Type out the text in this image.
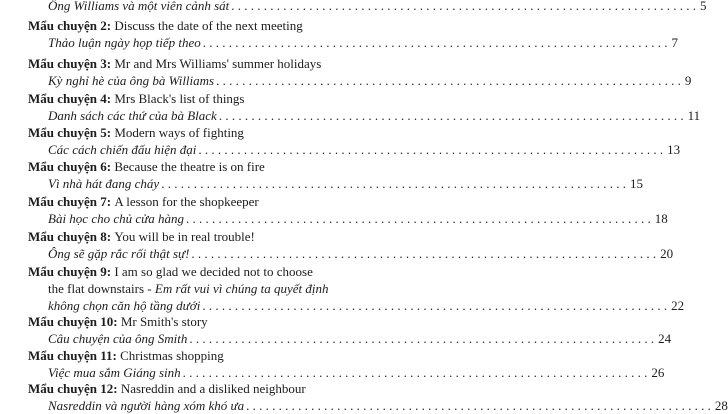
Ông Williams và một viên cảnh sát . . .	5
Mẩu chuyện 2:
Discuss the date of the next meeting
Thảo luận ngày họp tiếp theo . . .	7
Mẩu chuyện 3:
Mr and Mrs Williams' summer holidays
Kỳ nghỉ hè của ông bà Williams . . .	9
Mẩu chuyện 4:
Mrs Black's list of things
Danh sách các thứ của bà Black . . .	11
Mẩu chuyện 5:
Modern ways of fighting
Các cách chiến đấu hiện đại . . .	13
Mẩu chuyện 6:
Because the theatre is on fire
Vì nhà hát đang cháy . . .	15
Mẩu chuyện 7:
A lesson for the shopkeeper
Bài học cho chủ cửa hàng . . .	18
Mẩu chuyện 8:
You will be in real trouble!
Ông sẽ gặp rắc rối thật sự! . . .	20
Mẩu chuyện 9:
I am so glad we decided not to choose
the flat downstairs -
Em rất vui vì chúng ta quyết định
không chọn căn hộ tầng dưới . . .	22
Mẩu chuyện 10:
Mr Smith's story
Câu chuyện của ông Smith . . .	24
Mẩu chuyện 11:
Christmas shopping
Việc mua sắm Giáng sinh . . .	26
Mẩu chuyện 12:
Nasreddin and a disliked neighbour
Nasreddin và người hàng xóm khó ưa . . .	28
